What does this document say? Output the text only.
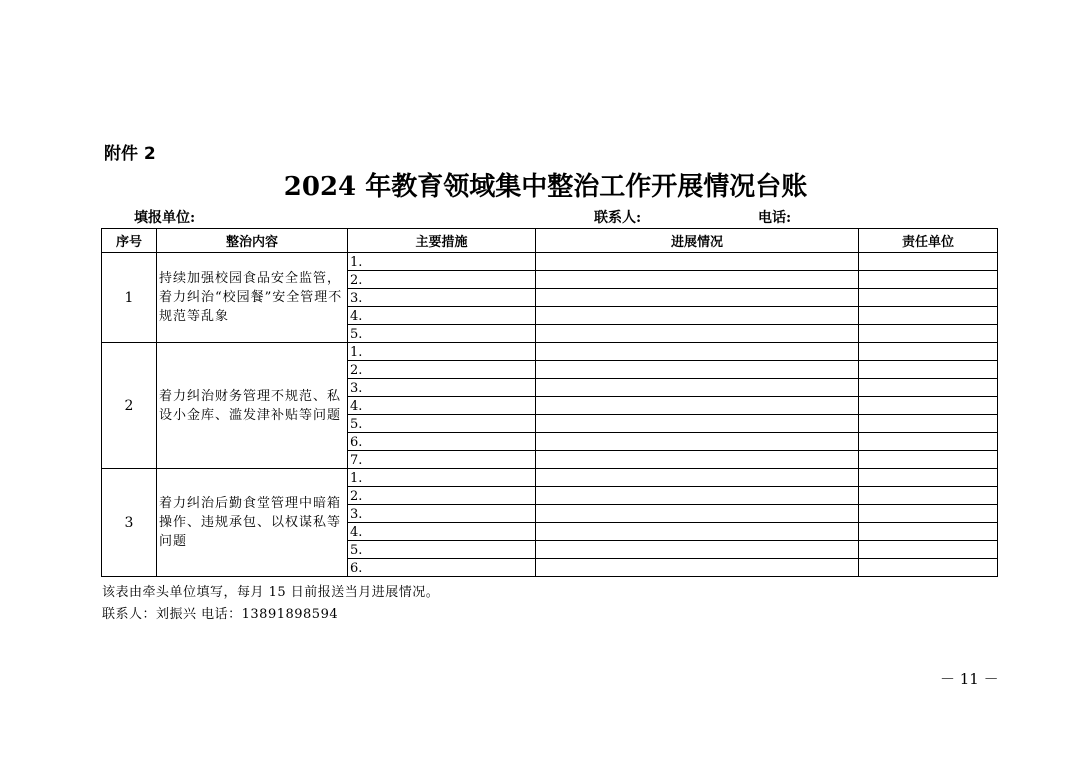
附件 2
2024 年教育领域集中整治工作开展情况台账
填报单位:	联系人:	电话:
序号	整治内容	主要措施	进展情况	责任单位
1	持续加强校园食品安全监管，着力纠治“校园餐”安全管理不规范等乱象	1.		
		2.		
		3.		
		4.		
		5.		
2	着力纠治财务管理不规范、私设小金库、滥发津补贴等问题	1.		
		2.		
		3.		
		4.		
		5.		
		6.		
		7.		
3	着力纠治后勤食堂管理中暗箱操作、违规承包、以权谋私等问题	1.		
		2.		
		3.		
		4.		
		5.		
		6.		
该表由牵头单位填写，每月 15 日前报送当月进展情况。
联系人：刘振兴 电话：13891898594
－ 11 －
